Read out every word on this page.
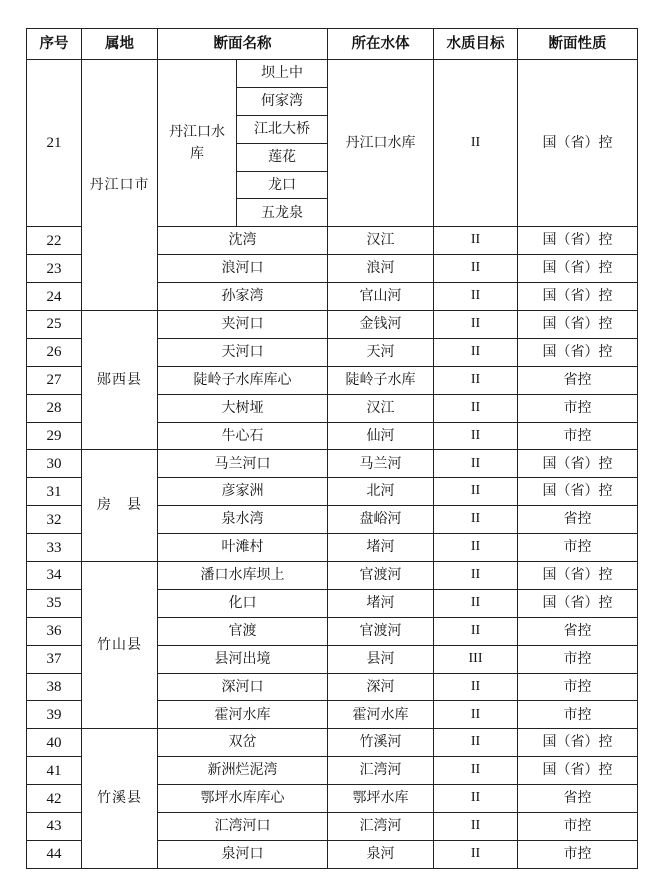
序号	属地	断面名称		所在水体	水质目标	断面性质
21	丹江口市	丹江口水库	坝上中	丹江口水库	II	国（省）控
			何家湾			
			江北大桥			
			莲花			
			龙口			
			五龙泉			
22		沈湾		汉江	II	国（省）控
23		浪河口		浪河	II	国（省）控
24		孙家湾		官山河	II	国（省）控
25	郧西县	夹河口		金钱河	II	国（省）控
26		天河口		天河	II	国（省）控
27		陡岭子水库库心		陡岭子水库	II	省控
28		大树垭		汉江	II	市控
29		牛心石		仙河	II	市控
30	房　县	马兰河口		马兰河	II	国（省）控
31		彦家洲		北河	II	国（省）控
32		泉水湾		盘峪河	II	省控
33		叶滩村		堵河	II	市控
34	竹山县	潘口水库坝上		官渡河	II	国（省）控
35		化口		堵河	II	国（省）控
36		官渡		官渡河	II	省控
37		县河出境		县河	III	市控
38		深河口		深河	II	市控
39		霍河水库		霍河水库	II	市控
40	竹溪县	双岔		竹溪河	II	国（省）控
41		新洲烂泥湾		汇湾河	II	国（省）控
42		鄂坪水库库心		鄂坪水库	II	省控
43		汇湾河口		汇湾河	II	市控
44		泉河口		泉河	II	市控
